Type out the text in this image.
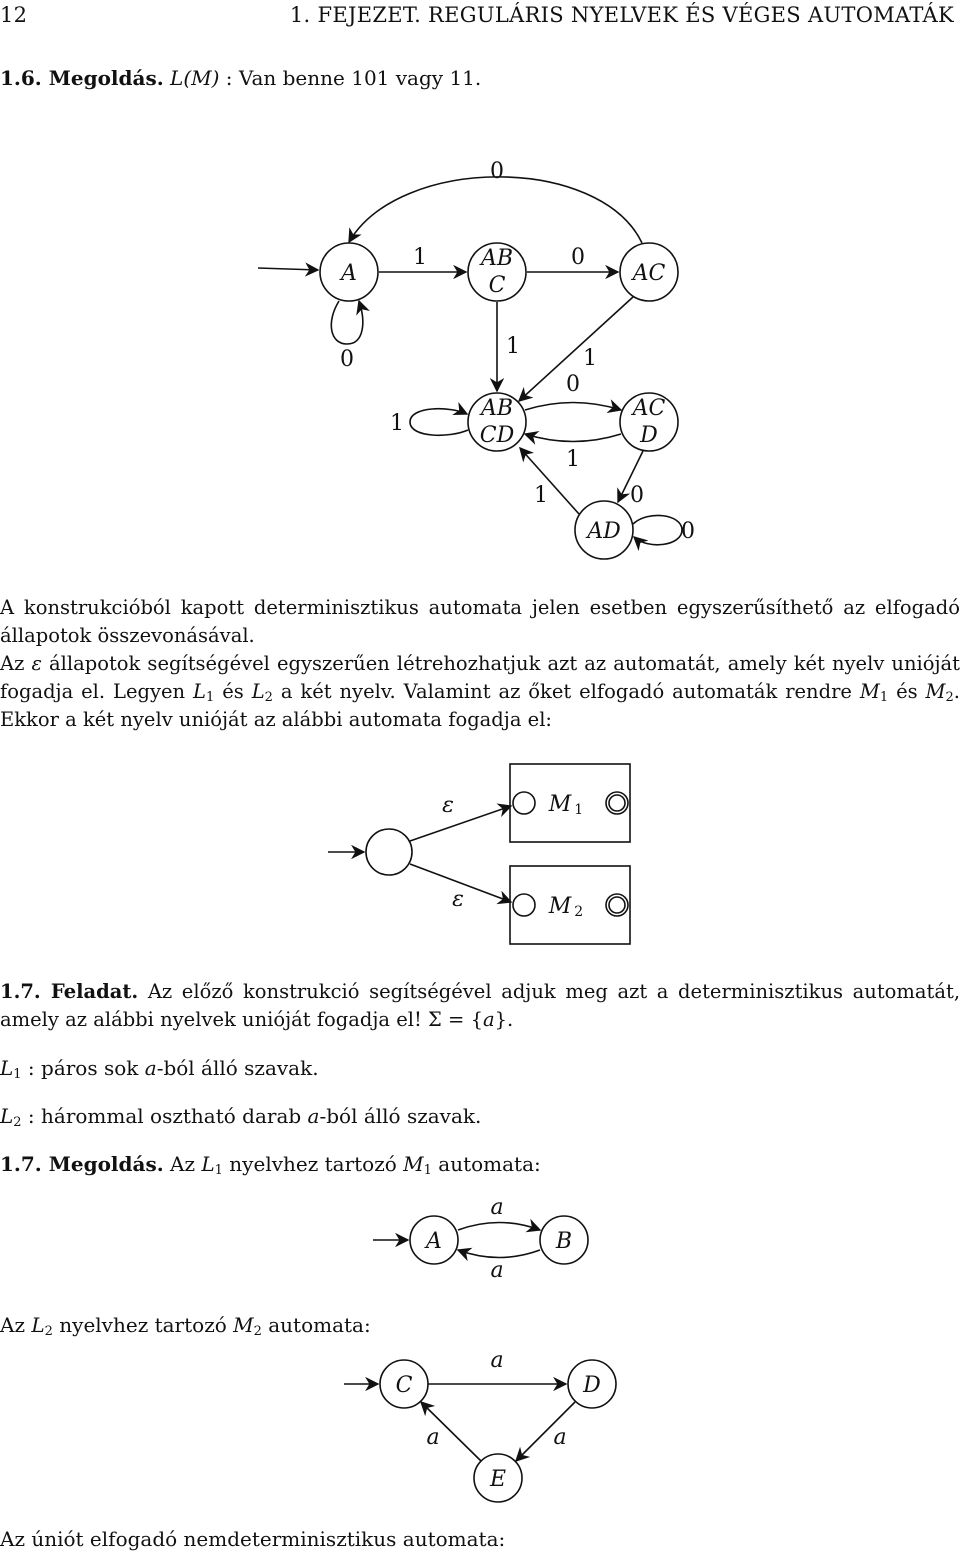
12	1. FEJEZET. REGULÁRIS NYELVEK ÉS VÉGES AUTOMATÁK
1.6. Megoldás. L(M) : Van benne 101 vagy 11.
A
AB
C	AC
AB
CD
AC
D
AD
0
0
1	0
1	1
0
1
1
1	0
0
ε
ε
M 1
M 2
A	B
a
a
C	D
E
a
a	a
A konstrukcióból kapott determinisztikus automata jelen esetben egyszerűsíthető az elfogadó
állapotok összevonásával.
Az ε állapotok segítségével egyszerűen létrehozhatjuk azt az automatát, amely két nyelv unióját
fogadja el. Legyen $L_1$ és $L_2$ a két nyelv. Valamint az őket elfogadó automaták rendre $M_1$ és $M_2$.
Ekkor a két nyelv unióját az alábbi automata fogadja el:
1.7. Feladat. Az előző konstrukció segítségével adjuk meg azt a determinisztikus automatát,
amely az alábbi nyelvek unióját fogadja el! Σ = {a}.
$L_1$ : páros sok a-ból álló szavak.
$L_2$ : hárommal osztható darab a-ból álló szavak.
1.7. Megoldás. Az $L_1$ nyelvhez tartozó $M_1$ automata:
Az $L_2$ nyelvhez tartozó $M_2$ automata:
Az úniót elfogadó nemdeterminisztikus automata:
